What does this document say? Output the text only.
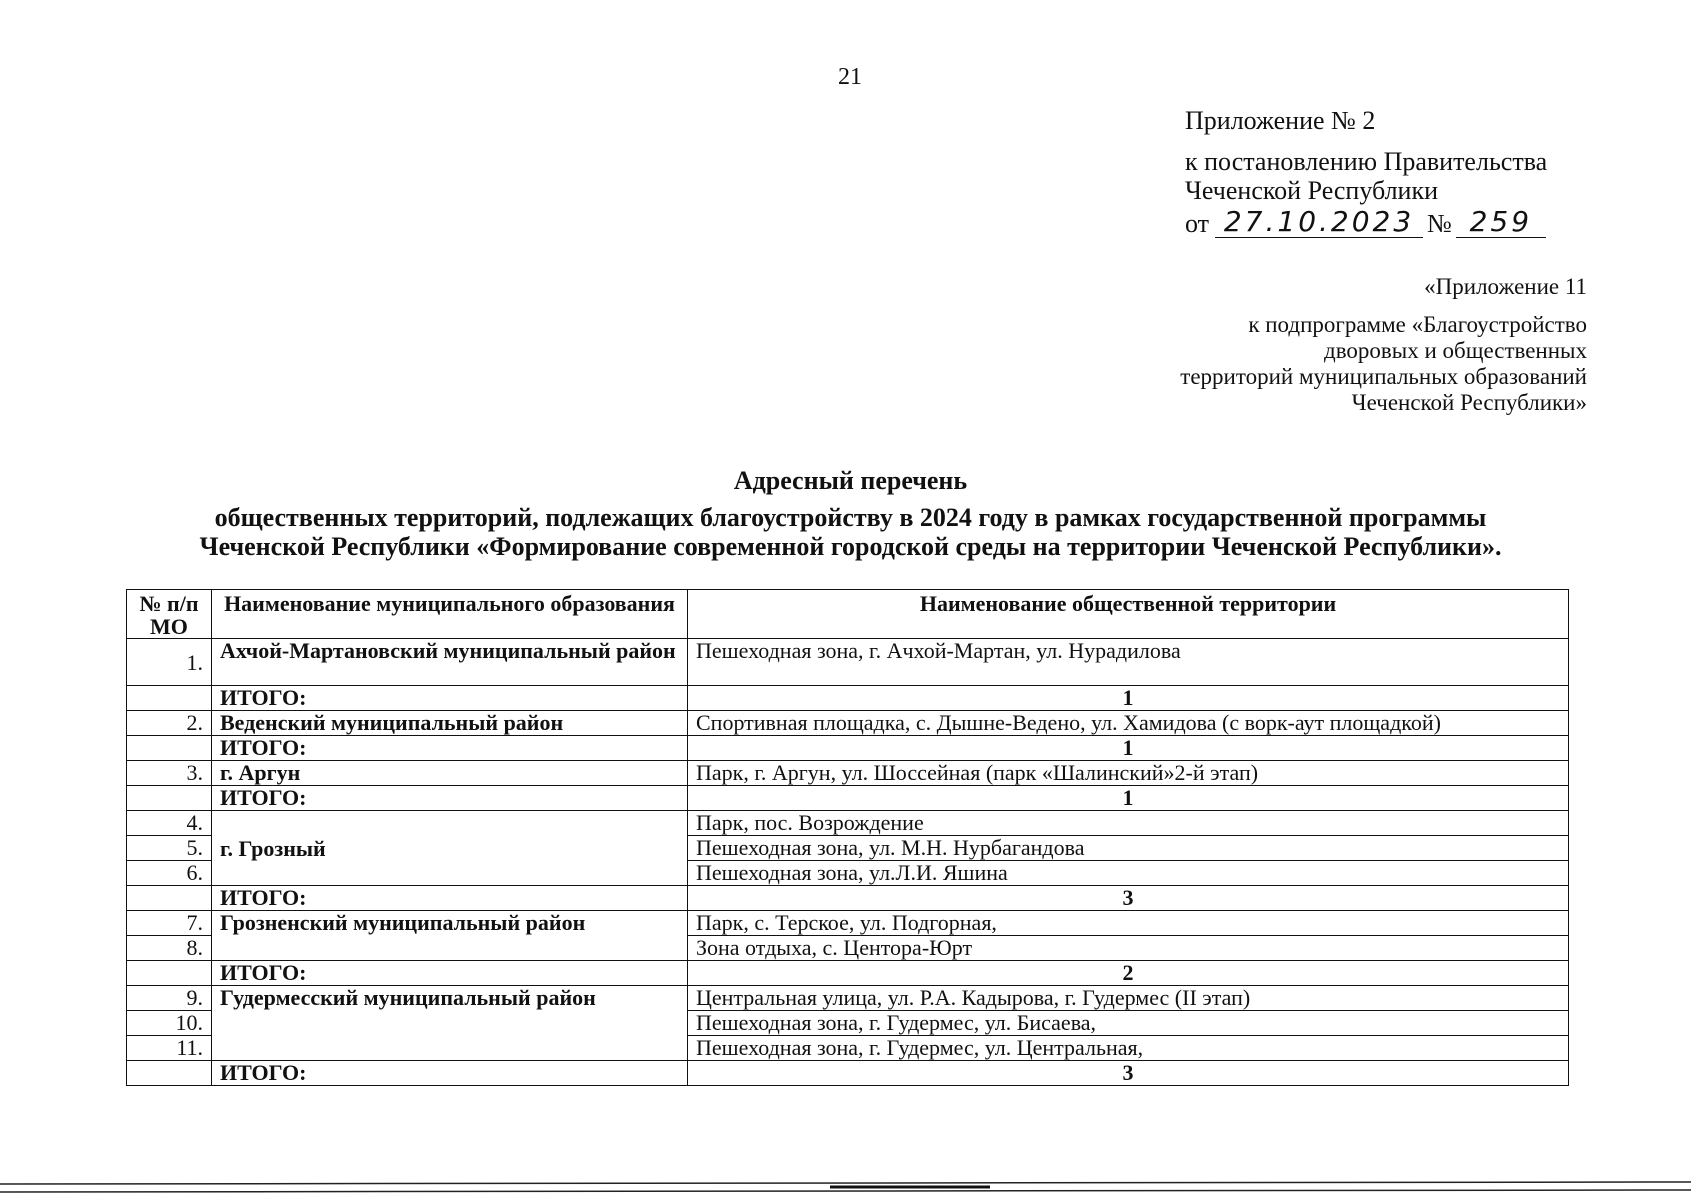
21
Приложение № 2
к постановлению Правительства
Чеченской Республики
от 27.10.2023 № 259
«Приложение 11
к подпрограмме «Благоустройство
дворовых и общественных
территорий муниципальных образований
Чеченской Республики»
Адресный перечень
общественных территорий, подлежащих благоустройству в 2024 году в рамках государственной программы
Чеченской Республики «Формирование современной городской среды на территории Чеченской Республики».
№ п/п МО	Наименование муниципального образования	Наименование общественной территории
1.	Ахчой-Мартановский муниципальный район	Пешеходная зона, г. Ачхой-Мартан, ул. Нурадилова
	ИТОГО:	1
2.	Веденский муниципальный район	Спортивная площадка, с. Дышне-Ведено, ул. Хамидова (с ворк-аут площадкой)
	ИТОГО:	1
3.	г. Аргун	Парк, г. Аргун, ул. Шоссейная (парк «Шалинский»2-й этап)
	ИТОГО:	1
4.	г. Грозный	Парк, пос. Возрождение
5.		Пешеходная зона, ул. М.Н. Нурбагандова
6.		Пешеходная зона, ул.Л.И. Яшина
	ИТОГО:	3
7.	Грозненский муниципальный район	Парк, с. Терское, ул. Подгорная,
8.		Зона отдыха, с. Центора-Юрт
	ИТОГО:	2
9.	Гудермесский муниципальный район	Центральная улица, ул. Р.А. Кадырова, г. Гудермес (II этап)
10.		Пешеходная зона, г. Гудермес, ул. Бисаева,
11.		Пешеходная зона, г. Гудермес, ул. Центральная,
	ИТОГО:	3
